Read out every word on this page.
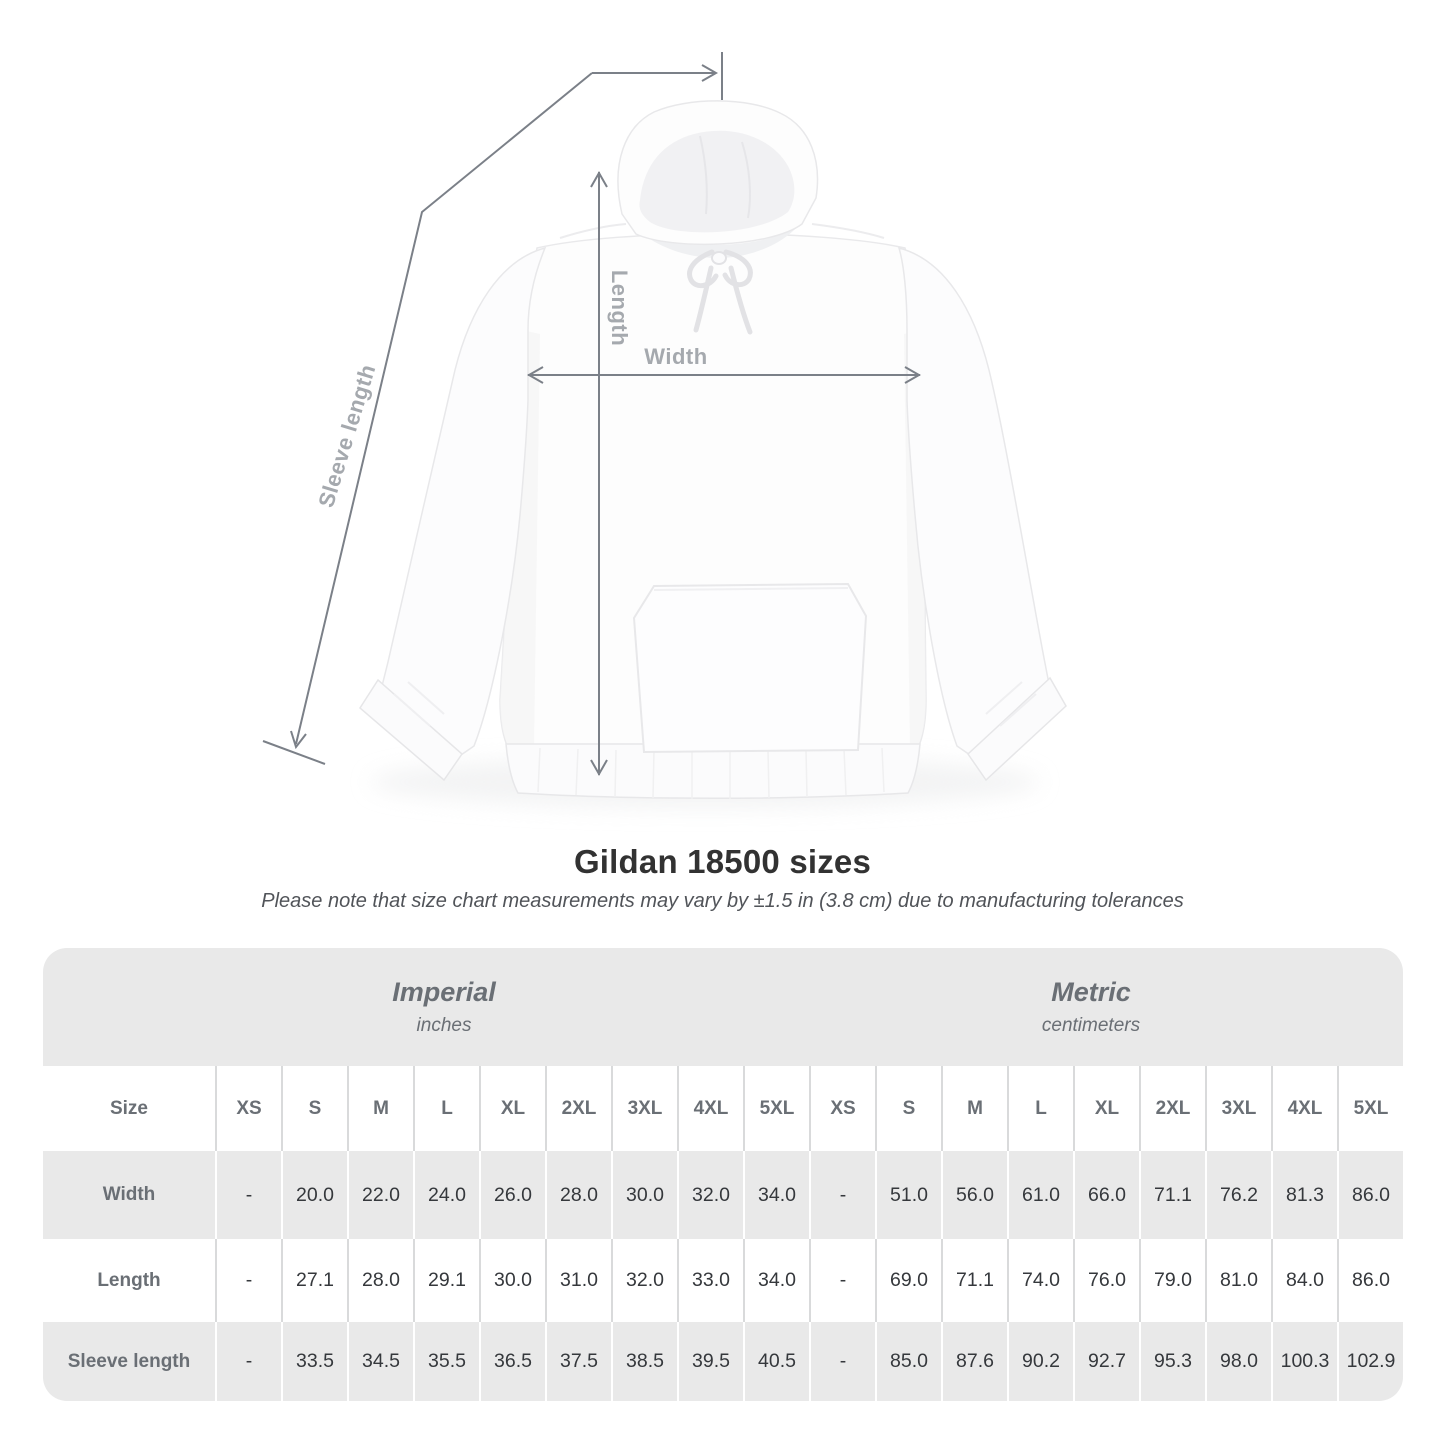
Width
Length
Sleeve length
Gildan 18500 sizes

Please note that size chart measurements may vary by ±1.5 in (3.8 cm) due to manufacturing tolerances

Imperial
inches
Metric
centimeters
Size	XS	S	M	L	XL	2XL	3XL	4XL	5XL	XS	S	M	L	XL	2XL	3XL	4XL	5XL
Width	-	20.0	22.0	24.0	26.0	28.0	30.0	32.0	34.0	-	51.0	56.0	61.0	66.0	71.1	76.2	81.3	86.0
Length	-	27.1	28.0	29.1	30.0	31.0	32.0	33.0	34.0	-	69.0	71.1	74.0	76.0	79.0	81.0	84.0	86.0
Sleeve length	-	33.5	34.5	35.5	36.5	37.5	38.5	39.5	40.5	-	85.0	87.6	90.2	92.7	95.3	98.0	100.3 102.9
